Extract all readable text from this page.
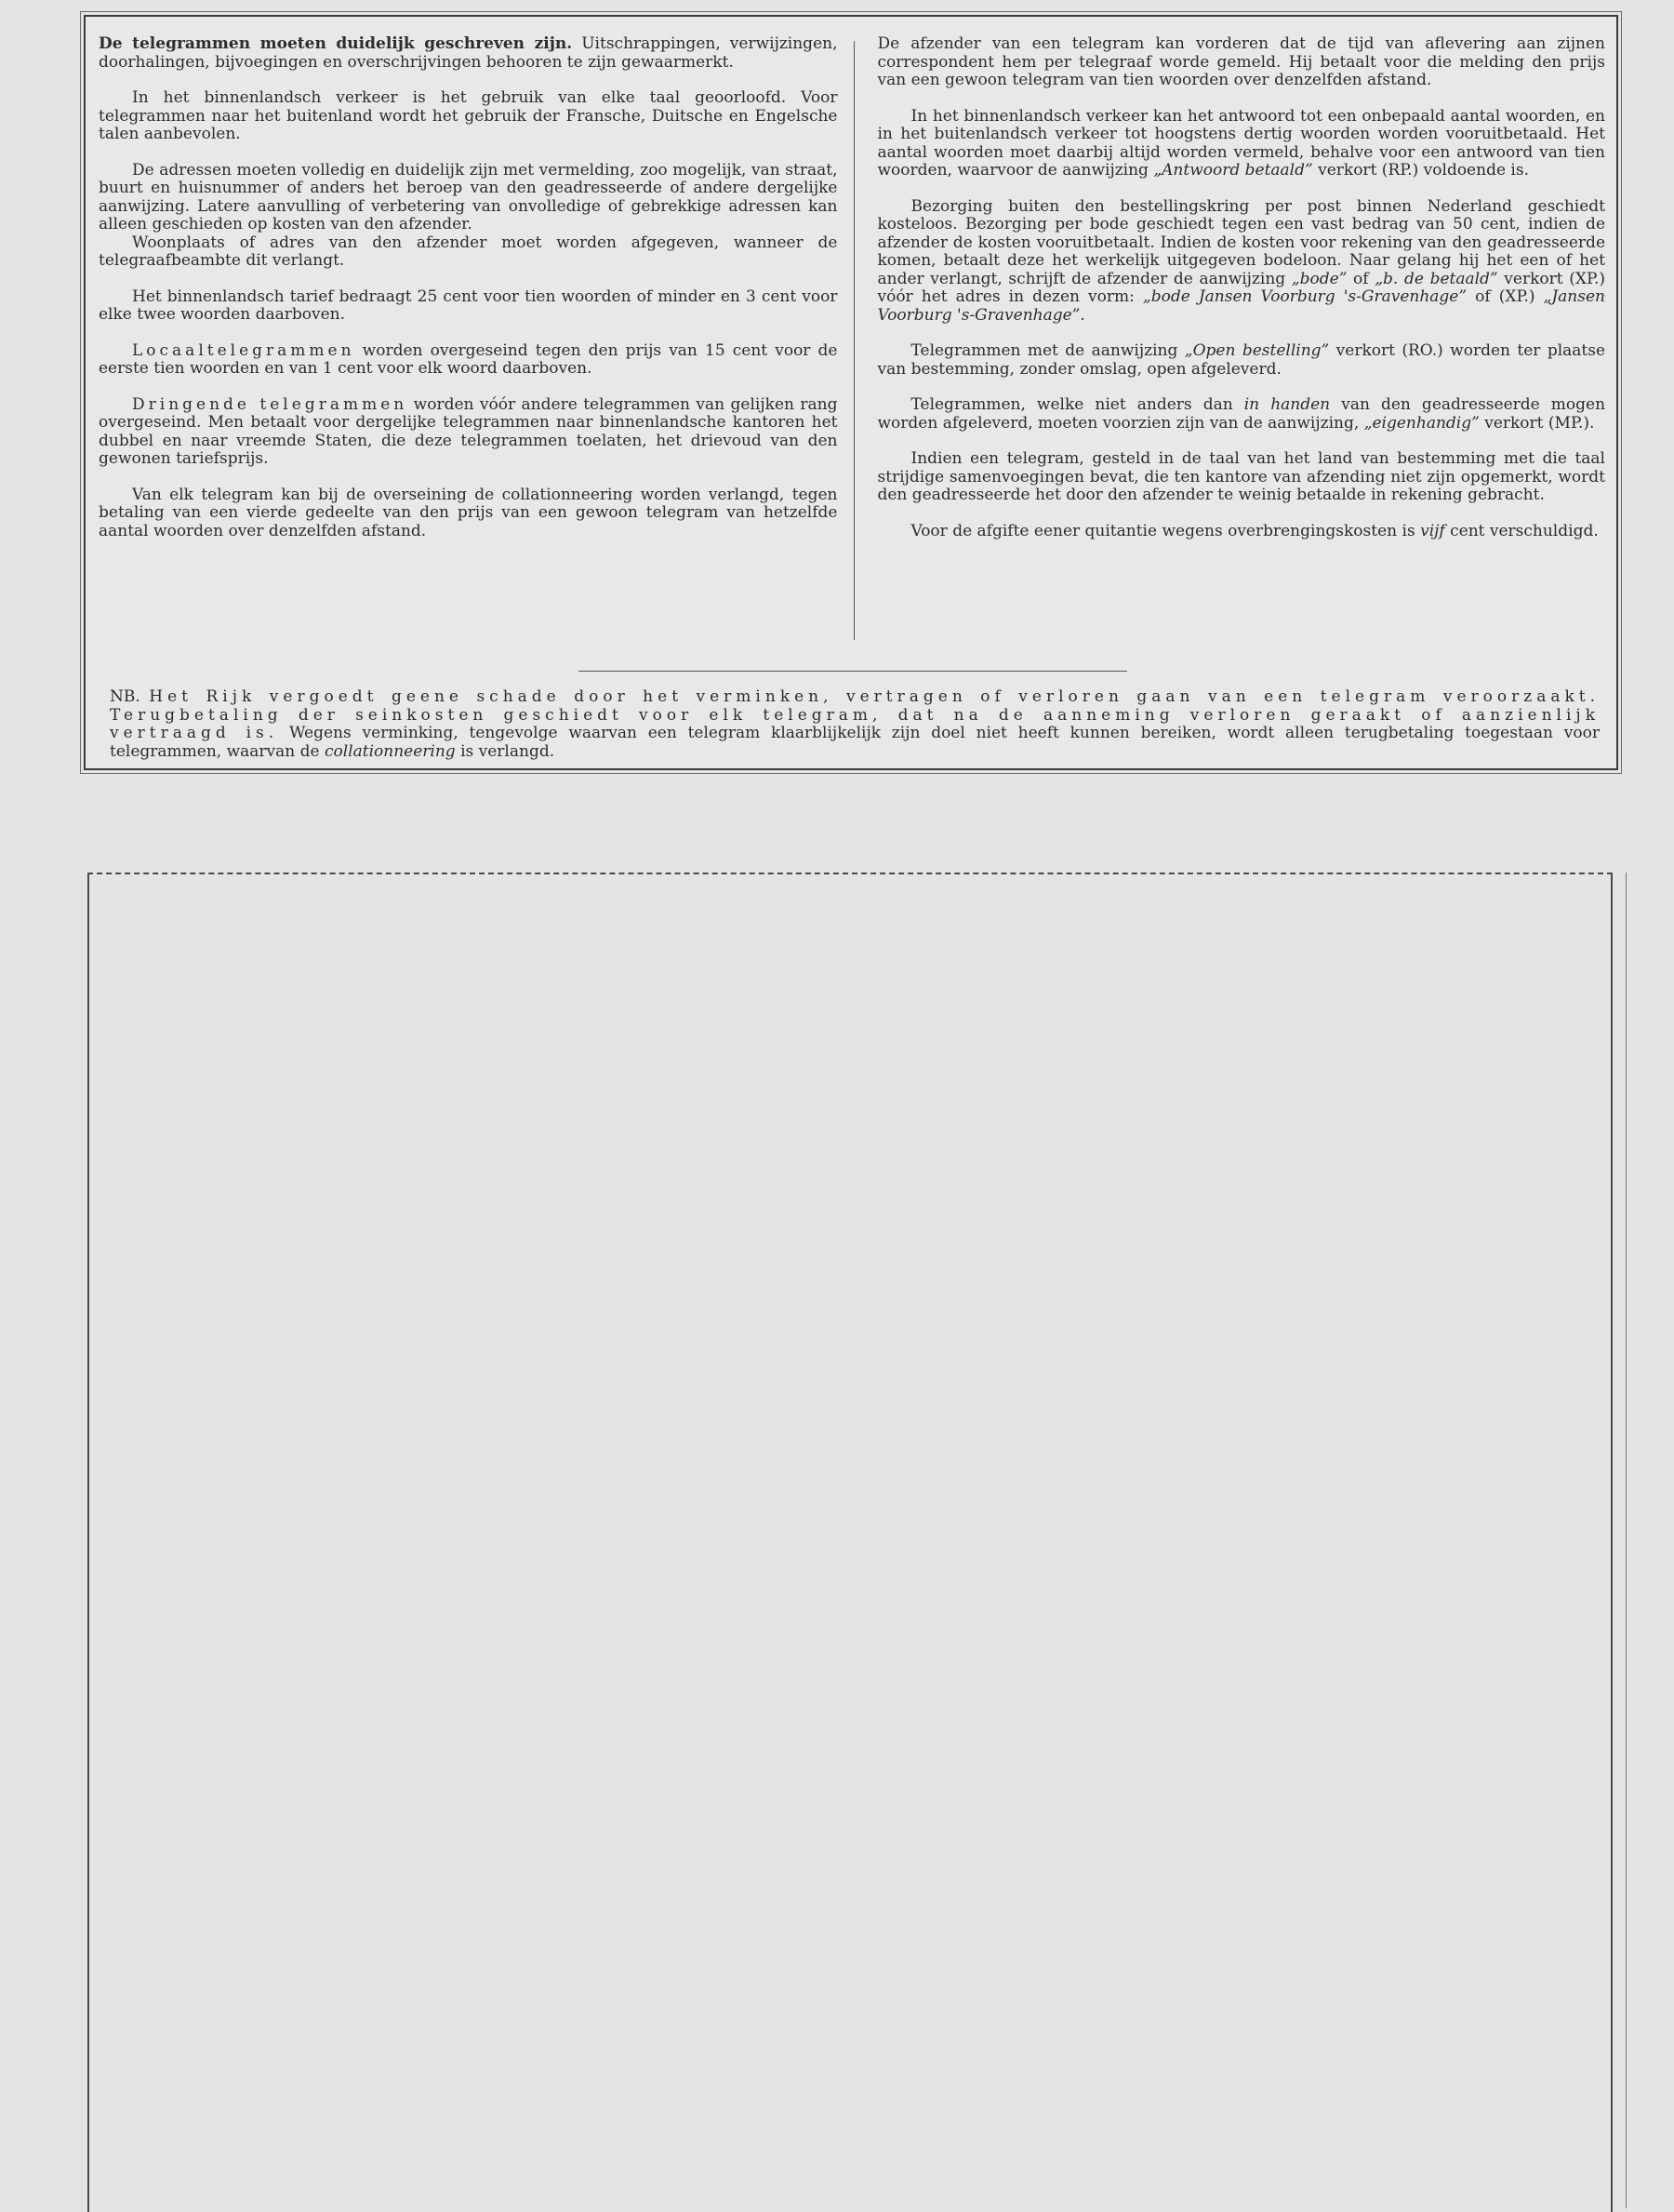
De telegrammen moeten duidelijk geschreven zijn. Uitschrappingen, verwijzingen, doorhalingen, bijvoegingen en overschrijvingen behooren te zijn gewaarmerkt.

In het binnenlandsch verkeer is het gebruik van elke taal geoorloofd. Voor telegrammen naar het buitenland wordt het gebruik der Fransche, Duitsche en Engelsche talen aanbevolen.

De adressen moeten volledig en duidelijk zijn met vermelding, zoo mogelijk, van straat, buurt en huisnummer of anders het beroep van den geadresseerde of andere dergelijke aanwijzing. Latere aanvulling of verbetering van onvolledige of gebrekkige adressen kan alleen geschieden op kosten van den afzender.

Woonplaats of adres van den afzender moet worden afgegeven, wanneer de telegraafbeambte dit verlangt.

Het binnenlandsch tarief bedraagt 25 cent voor tien woorden of minder en 3 cent voor elke twee woorden daarboven.

Locaaltelegrammen worden overgeseind tegen den prijs van 15 cent voor de eerste tien woorden en van 1 cent voor elk woord daarboven.

Dringende telegrammen worden vóór andere telegrammen van gelijken rang overgeseind. Men betaalt voor dergelijke telegrammen naar binnenlandsche kantoren het dubbel en naar vreemde Staten, die deze telegrammen toelaten, het drievoud van den gewonen tariefsprijs.

Van elk telegram kan bij de overseining de collationneering worden verlangd, tegen betaling van een vierde gedeelte van den prijs van een gewoon telegram van hetzelfde aantal woorden over denzelfden afstand.

De afzender van een telegram kan vorderen dat de tijd van aflevering aan zijnen correspondent hem per telegraaf worde gemeld. Hij betaalt voor die melding den prijs van een gewoon telegram van tien woorden over denzelfden afstand.

In het binnenlandsch verkeer kan het antwoord tot een onbepaald aantal woorden, en in het buitenlandsch verkeer tot hoogstens dertig woorden worden vooruitbetaald. Het aantal woorden moet daarbij altijd worden vermeld, behalve voor een antwoord van tien woorden, waarvoor de aanwijzing „Antwoord betaald” verkort (RP.) voldoende is.

Bezorging buiten den bestellingskring per post binnen Nederland geschiedt kosteloos. Bezorging per bode geschiedt tegen een vast bedrag van 50 cent, indien de afzender de kosten vooruitbetaalt. Indien de kosten voor rekening van den geadresseerde komen, betaalt deze het werkelijk uitgegeven bodeloon. Naar gelang hij het een of het ander verlangt, schrijft de afzender de aanwijzing „bode” of „b. de betaald” verkort (XP.) vóór het adres in dezen vorm: „bode Jansen Voorburg 's-Gravenhage” of (XP.) „Jansen Voorburg 's-Gravenhage”.

Telegrammen met de aanwijzing „Open bestelling” verkort (RO.) worden ter plaatse van bestemming, zonder omslag, open afgeleverd.

Telegrammen, welke niet anders dan in handen van den geadresseerde mogen worden afgeleverd, moeten voorzien zijn van de aanwijzing, „eigenhandig” verkort (MP.).

Indien een telegram, gesteld in de taal van het land van bestemming met die taal strijdige samenvoegingen bevat, die ten kantore van afzending niet zijn opgemerkt, wordt den geadresseerde het door den afzender te weinig betaalde in rekening gebracht.

Voor de afgifte eener quitantie wegens overbrengingskosten is vijf cent verschuldigd.

NB. Het Rijk vergoedt geene schade door het verminken, vertragen of verloren gaan van een telegram veroorzaakt. Terugbetaling der seinkosten geschiedt voor elk telegram, dat na de aanneming verloren geraakt of aanzienlijk vertraagd is. Wegens verminking, tengevolge waarvan een telegram klaarblijkelijk zijn doel niet heeft kunnen bereiken, wordt alleen terugbetaling toegestaan voor telegrammen, waarvan de collationneering is verlangd.
